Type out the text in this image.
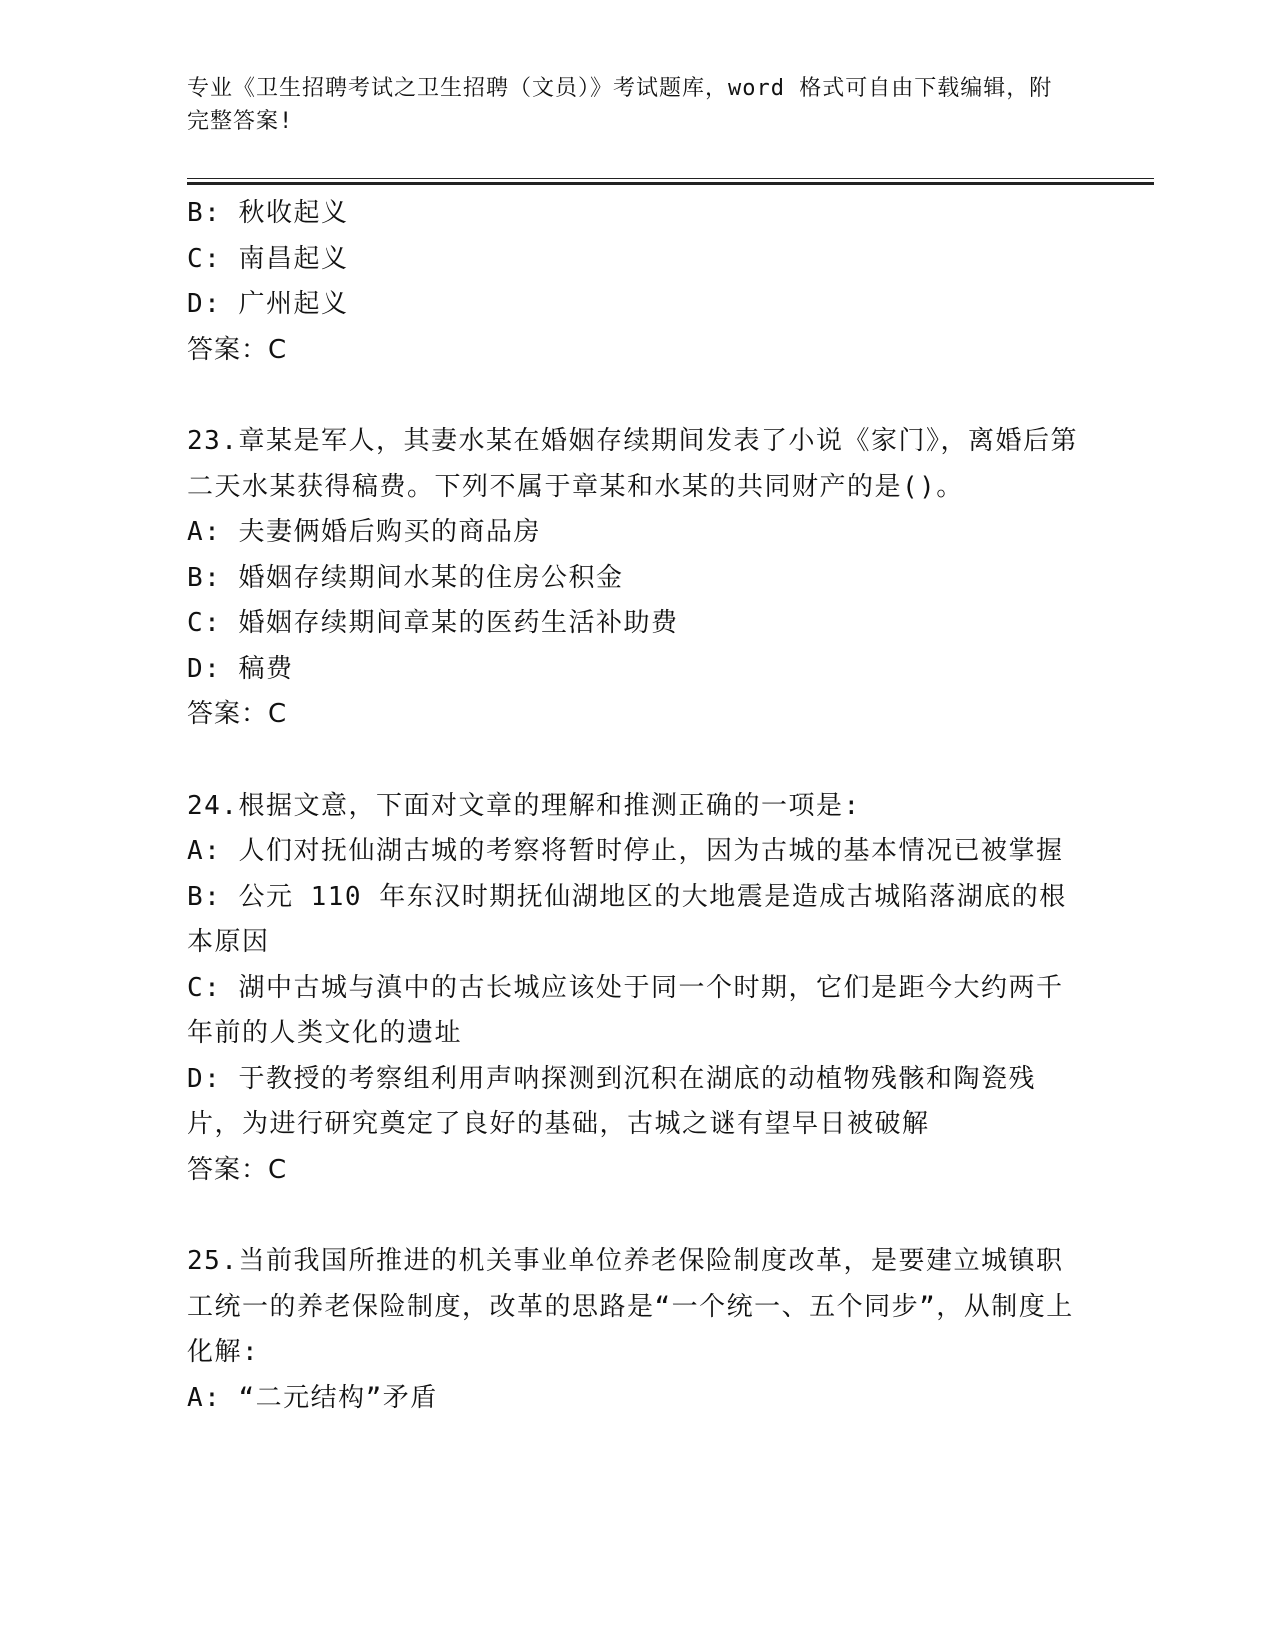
专业《卫生招聘考试之卫生招聘（文员）》考试题库，word 格式可自由下载编辑，附完整答案!
B: 秋收起义
C: 南昌起义
D: 广州起义
答案：C
23.章某是军人，其妻水某在婚姻存续期间发表了小说《家门》，离婚后第二天水某获得稿费。下列不属于章某和水某的共同财产的是()。
A: 夫妻俩婚后购买的商品房
B: 婚姻存续期间水某的住房公积金
C: 婚姻存续期间章某的医药生活补助费
D: 稿费
答案：C
24.根据文意，下面对文章的理解和推测正确的一项是:
A: 人们对抚仙湖古城的考察将暂时停止，因为古城的基本情况已被掌握
B: 公元 110 年东汉时期抚仙湖地区的大地震是造成古城陷落湖底的根本原因
C: 湖中古城与滇中的古长城应该处于同一个时期，它们是距今大约两千年前的人类文化的遗址
D: 于教授的考察组利用声呐探测到沉积在湖底的动植物残骸和陶瓷残片，为进行研究奠定了良好的基础，古城之谜有望早日被破解
答案：C
25.当前我国所推进的机关事业单位养老保险制度改革，是要建立城镇职工统一的养老保险制度，改革的思路是“一个统一、五个同步”，从制度上化解:
A: “二元结构”矛盾
